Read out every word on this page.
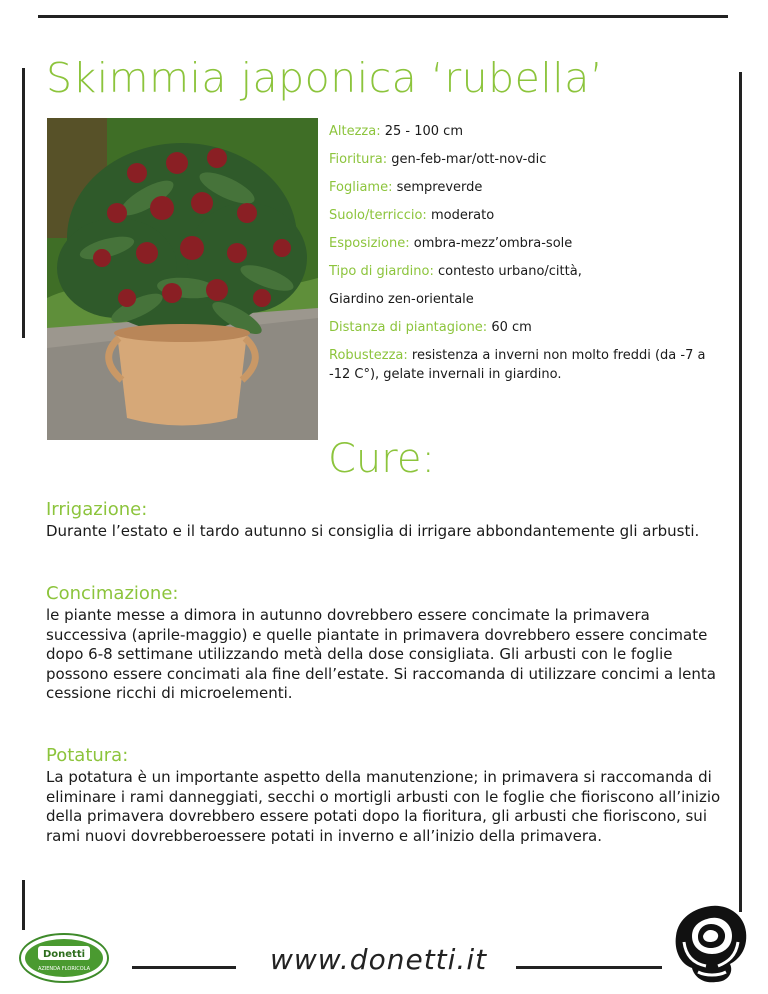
Skimmia japonica ‘rubella’

Altezza: 25 - 100 cm

Fioritura: gen-feb-mar/ott-nov-dic

Fogliame: sempreverde

Suolo/terriccio: moderato

Esposizione: ombra-mezz’ombra-sole

Tipo di giardino: contesto urbano/città,

Giardino zen-orientale

Distanza di piantagione: 60 cm

Robustezza: resistenza a inverni non molto freddi (da -7 a -12 C°), gelate invernali in giardino.

Cure:
Irrigazione:

Durante l’estato e il tardo autunno si consiglia di irrigare abbondantemente gli arbusti.

Concimazione:

le piante messe a dimora in autunno dovrebbero essere concimate la primavera successiva (aprile-maggio) e quelle piantate in primavera dovrebbero essere concimate dopo 6-8 settimane utilizzando metà della dose consigliata. Gli arbusti con le foglie possono essere concimati ala fine dell’estate. Si raccomanda di utilizzare concimi a lenta cessione ricchi di microelementi.

Potatura:

La potatura è un importante aspetto della manutenzione; in primavera si raccomanda di eliminare i rami danneggiati, secchi o mortigli arbusti con le foglie che fioriscono all’inizio della primavera dovrebbero essere potati dopo la fioritura, gli arbusti che fioriscono, sui rami nuovi dovrebberoessere potati in inverno e all’inizio della primavera.

Donetti
AZIENDA FLORICOLA	www.donetti.it
